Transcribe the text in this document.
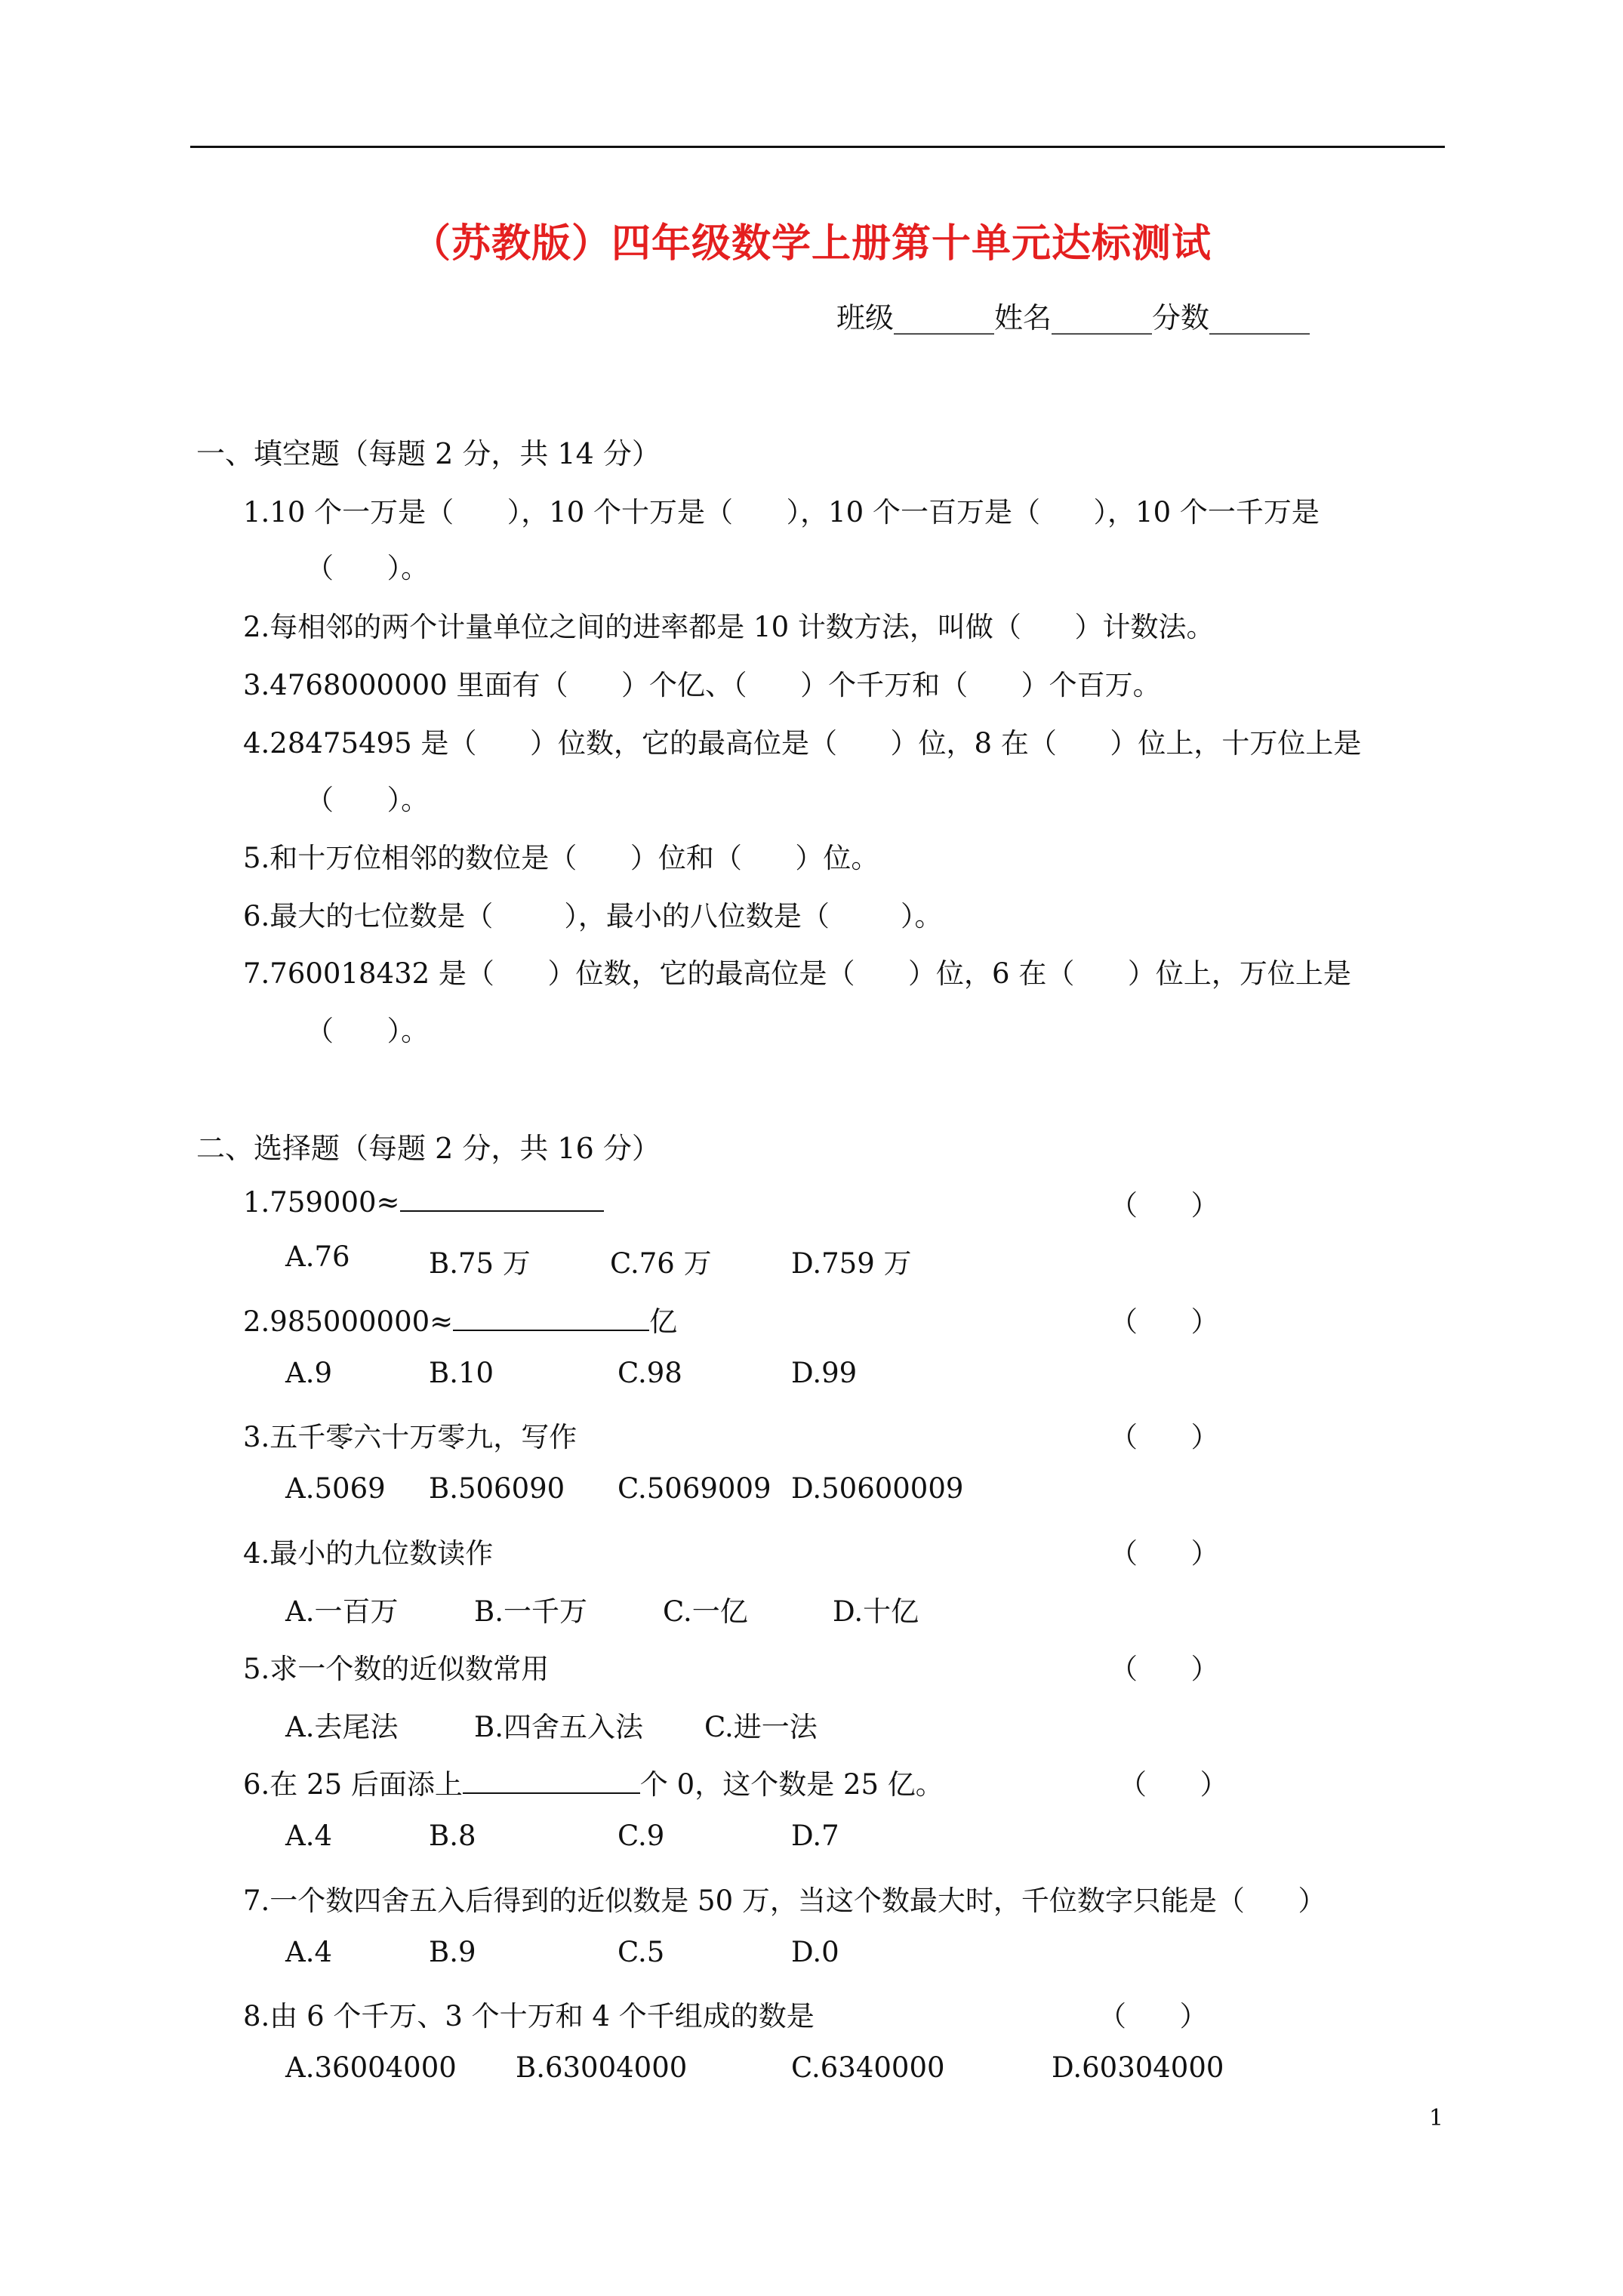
（苏教版）四年级数学上册第十单元达标测试
班级_______姓名_______分数_______
一、填空题（每题 2 分，共 14 分）
1.10 个一万是（      ），10 个十万是（      ），10 个一百万是（      ），10 个一千万是
（      ）。
2.每相邻的两个计量单位之间的进率都是 10 计数方法，叫做（      ）计数法。
3.4768000000 里面有（      ）个亿、（      ）个千万和（      ）个百万。
4.28475495 是（      ）位数，它的最高位是（      ）位，8 在（      ）位上，十万位上是
（      ）。
5.和十万位相邻的数位是（      ）位和（      ）位。
6.最大的七位数是（        ），最小的八位数是（        ）。
7.760018432 是（      ）位数，它的最高位是（      ）位，6 在（      ）位上，万位上是
（      ）。
二、选择题（每题 2 分，共 16 分）
1.759000≈	（      ）
A.76	B.75 万	C.76 万	D.759 万
2.985000000≈	亿	（      ）
A.9	B.10	C.98	D.99
3.五千零六十万零九，写作	（      ）
A.5069 B.506090 C.5069009 D.50600009
4.最小的九位数读作	（      ）
A.一百万	B.一千万	C.一亿	D.十亿
5.求一个数的近似数常用	（      ）
A.去尾法	B.四舍五入法 C.进一法
6.在 25 后面添上	个 0，这个数是 25 亿。	（      ）
A.4	B.8	C.9	D.7
7.一个数四舍五入后得到的近似数是 50 万，当这个数最大时，千位数字只能是（      ）
A.4	B.9	C.5	D.0
8.由 6 个千万、3 个十万和 4 个千组成的数是	（      ）
A.36004000 B.63004000	C.6340000	D.60304000
1
